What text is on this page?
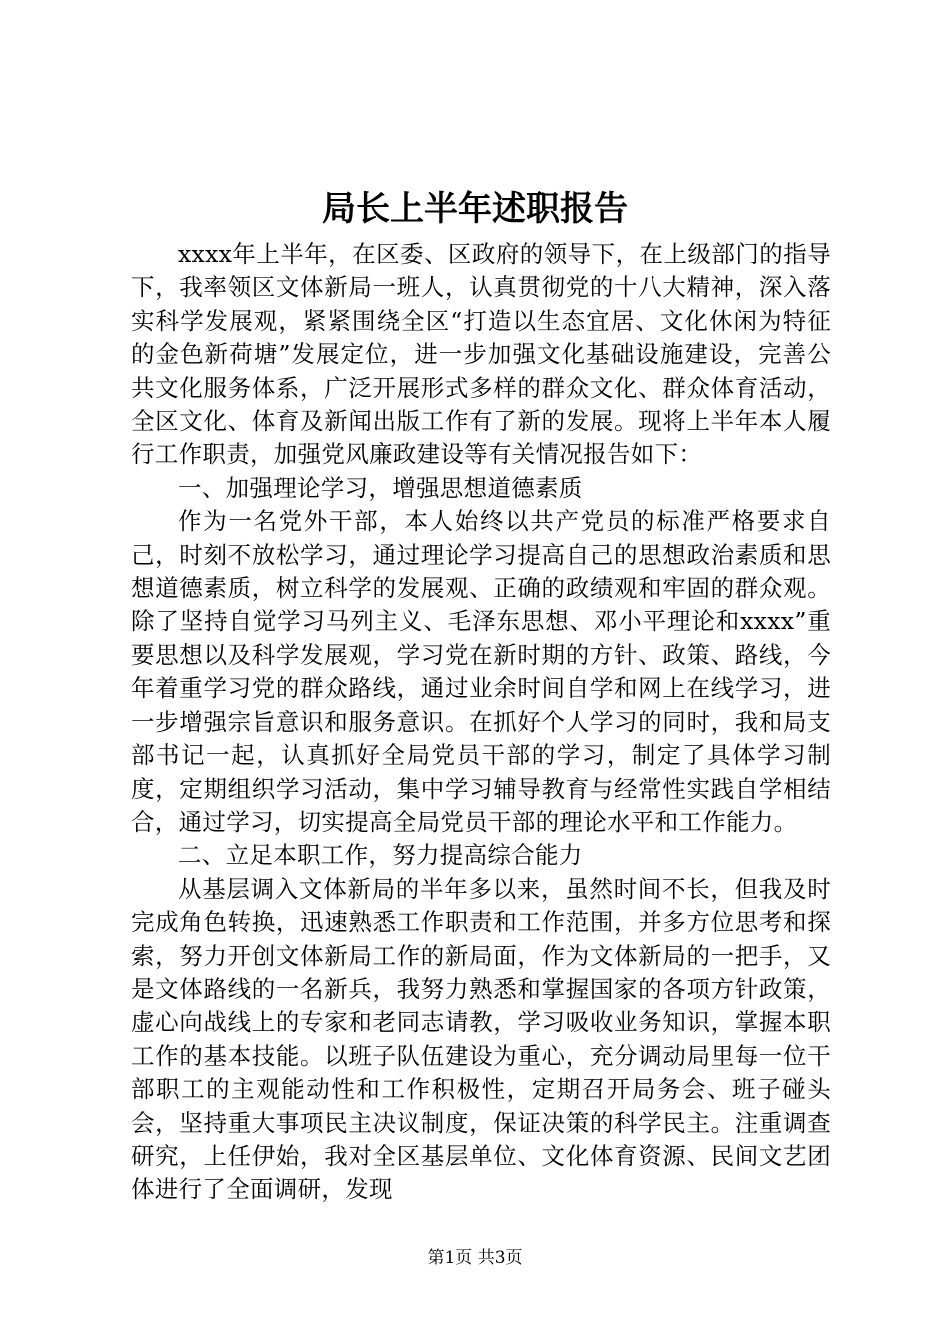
局长上半年述职报告

xxxx年上半年，在区委、区政府的领导下，在上级部门的指导下，我率领区文体新局一班人，认真贯彻党的十八大精神，深入落实科学发展观，紧紧围绕全区“打造以生态宜居、文化休闲为特征的金色新荷塘”发展定位，进一步加强文化基础设施建设，完善公共文化服务体系，广泛开展形式多样的群众文化、群众体育活动，全区文化、体育及新闻出版工作有了新的发展。现将上半年本人履行工作职责，加强党风廉政建设等有关情况报告如下：

一、加强理论学习，增强思想道德素质

作为一名党外干部，本人始终以共产党员的标准严格要求自己，时刻不放松学习，通过理论学习提高自己的思想政治素质和思想道德素质，树立科学的发展观、正确的政绩观和牢固的群众观。除了坚持自觉学习马列主义、毛泽东思想、邓小平理论和xxxx”重要思想以及科学发展观，学习党在新时期的方针、政策、路线，今年着重学习党的群众路线，通过业余时间自学和网上在线学习，进一步增强宗旨意识和服务意识。在抓好个人学习的同时，我和局支部书记一起，认真抓好全局党员干部的学习，制定了具体学习制度，定期组织学习活动，集中学习辅导教育与经常性实践自学相结合，通过学习，切实提高全局党员干部的理论水平和工作能力。

二、立足本职工作，努力提高综合能力

从基层调入文体新局的半年多以来，虽然时间不长，但我及时完成角色转换，迅速熟悉工作职责和工作范围，并多方位思考和探索，努力开创文体新局工作的新局面，作为文体新局的一把手，又是文体路线的一名新兵，我努力熟悉和掌握国家的各项方针政策，虚心向战线上的专家和老同志请教，学习吸收业务知识，掌握本职工作的基本技能。以班子队伍建设为重心，充分调动局里每一位干部职工的主观能动性和工作积极性，定期召开局务会、班子碰头会，坚持重大事项民主决议制度，保证决策的科学民主。注重调查研究，上任伊始，我对全区基层单位、文化体育资源、民间文艺团体进行了全面调研，发现

第1页 共3页
